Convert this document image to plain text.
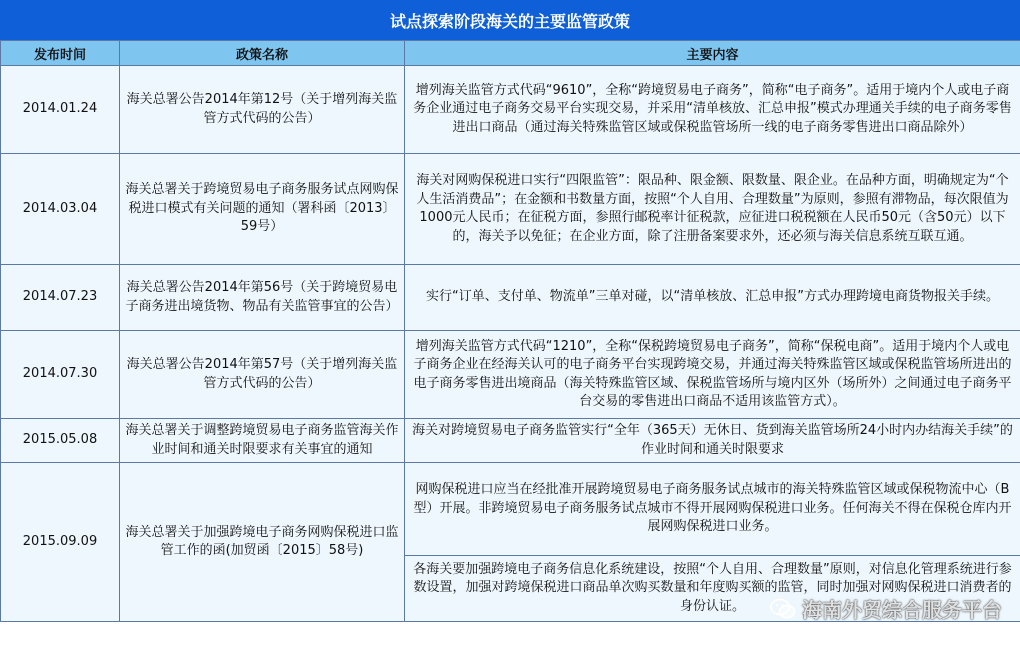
试点探索阶段海关的主要监管政策
发布时间	政策名称	主要内容
2014.01.24	海关总署公告2014年第12号（关于增列海关监管方式代码的公告）	增列海关监管方式代码“9610”，全称“跨境贸易电子商务”，简称“电子商务”。适用于境内个人或电子商务企业通过电子商务交易平台实现交易，并采用“清单核放、汇总申报”模式办理通关手续的电子商务零售进出口商品（通过海关特殊监管区域或保税监管场所一线的电子商务零售进出口商品除外）
2014.03.04	海关总署关于跨境贸易电子商务服务试点网购保税进口模式有关问题的通知（署科函〔2013〕59号）	海关对网购保税进口实行“四限监管”：限品种、限金额、限数量、限企业。在品种方面，明确规定为“个人生活消费品”；在金额和书数量方面，按照“个人自用、合理数量”为原则，参照有滞物品，每次限值为1000元人民币；在征税方面，参照行邮税率计征税款，应征进口税税额在人民币50元（含50元）以下的，海关予以免征；在企业方面，除了注册备案要求外，还必须与海关信息系统互联互通。
2014.07.23	海关总署公告2014年第56号（关于跨境贸易电子商务进出境货物、物品有关监管事宜的公告）	实行“订单、支付单、物流单”三单对碰，以“清单核放、汇总申报”方式办理跨境电商货物报关手续。
2014.07.30	海关总署公告2014年第57号（关于增列海关监管方式代码的公告）	增列海关监管方式代码“1210”，全称“保税跨境贸易电子商务”，简称“保税电商”。适用于境内个人或电子商务企业在经海关认可的电子商务平台实现跨境交易，并通过海关特殊监管区域或保税监管场所进出的电子商务零售进出境商品（海关特殊监管区域、保税监管场所与境内区外（场所外）之间通过电子商务平台交易的零售进出口商品不适用该监管方式）。
2015.05.08	海关总署关于调整跨境贸易电子商务监管海关作业时间和通关时限要求有关事宜的通知	海关对跨境贸易电子商务监管实行“全年（365天）无休日、货到海关监管场所24小时内办结海关手续”的作业时间和通关时限要求
2015.09.09	海关总署关于加强跨境电子商务网购保税进口监管工作的函(加贸函〔2015〕58号)	网购保税进口应当在经批准开展跨境贸易电子商务服务试点城市的海关特殊监管区域或保税物流中心（B型）开展。非跨境贸易电子商务服务试点城市不得开展网购保税进口业务。任何海关不得在保税仓库内开展网购保税进口业务。
		各海关要加强跨境电子商务信息化系统建设，按照“个人自用、合理数量”原则，对信息化管理系统进行参数设置，加强对跨境保税进口商品单次购买数量和年度购买额的监管，同时加强对网购保税进口消费者的身份认证。	海南外贸综合服务平台
